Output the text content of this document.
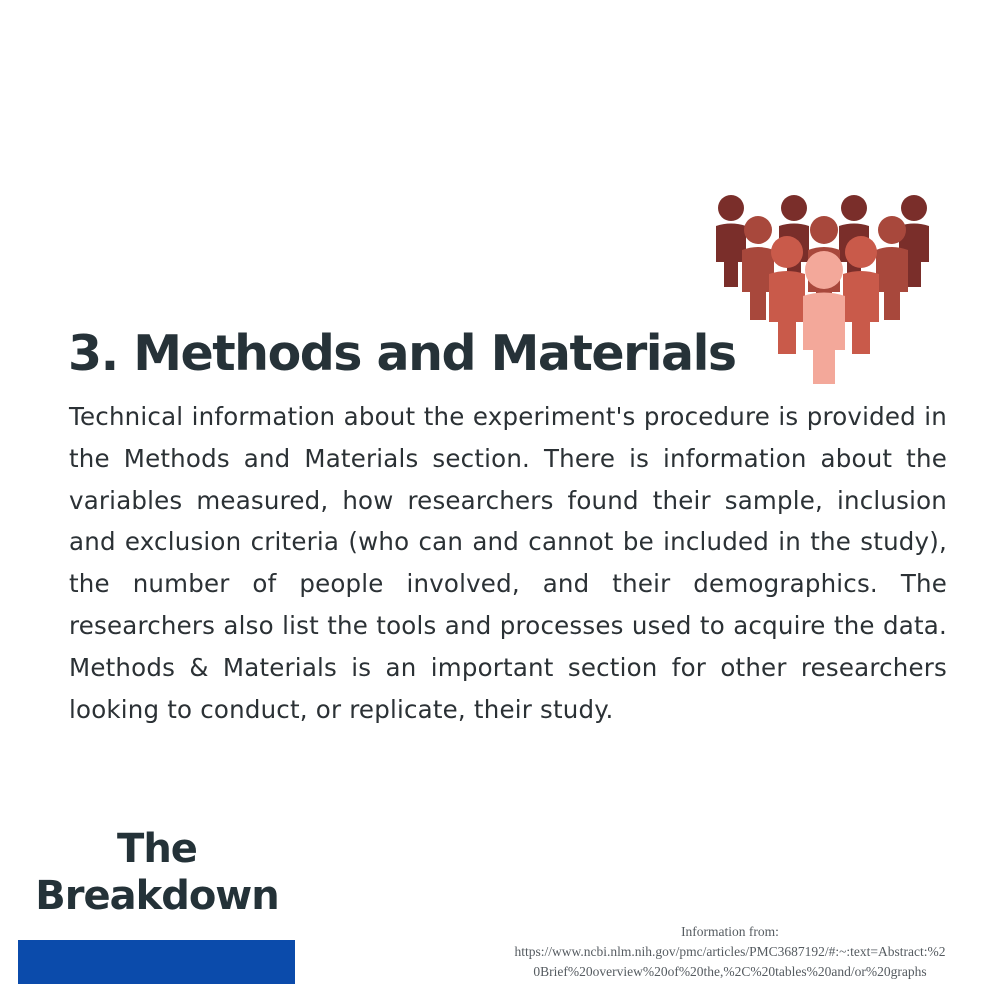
3. Methods and Materials

Technical information about the experiment's procedure is provided in the Methods and Materials section. There is information about the variables measured, how researchers found their sample, inclusion and exclusion criteria (who can and cannot be included in the study), the number of people involved, and their demographics. The researchers also list the tools and processes used to acquire the data. Methods & Materials is an important section for other researchers looking to conduct, or replicate, their study.

The
Breakdown
Information from:
https://www.ncbi.nlm.nih.gov/pmc/articles/PMC3687192/#:~:text=Abstract:%2
0Brief%20overview%20of%20the,%2C%20tables%20and/or%20graphs
